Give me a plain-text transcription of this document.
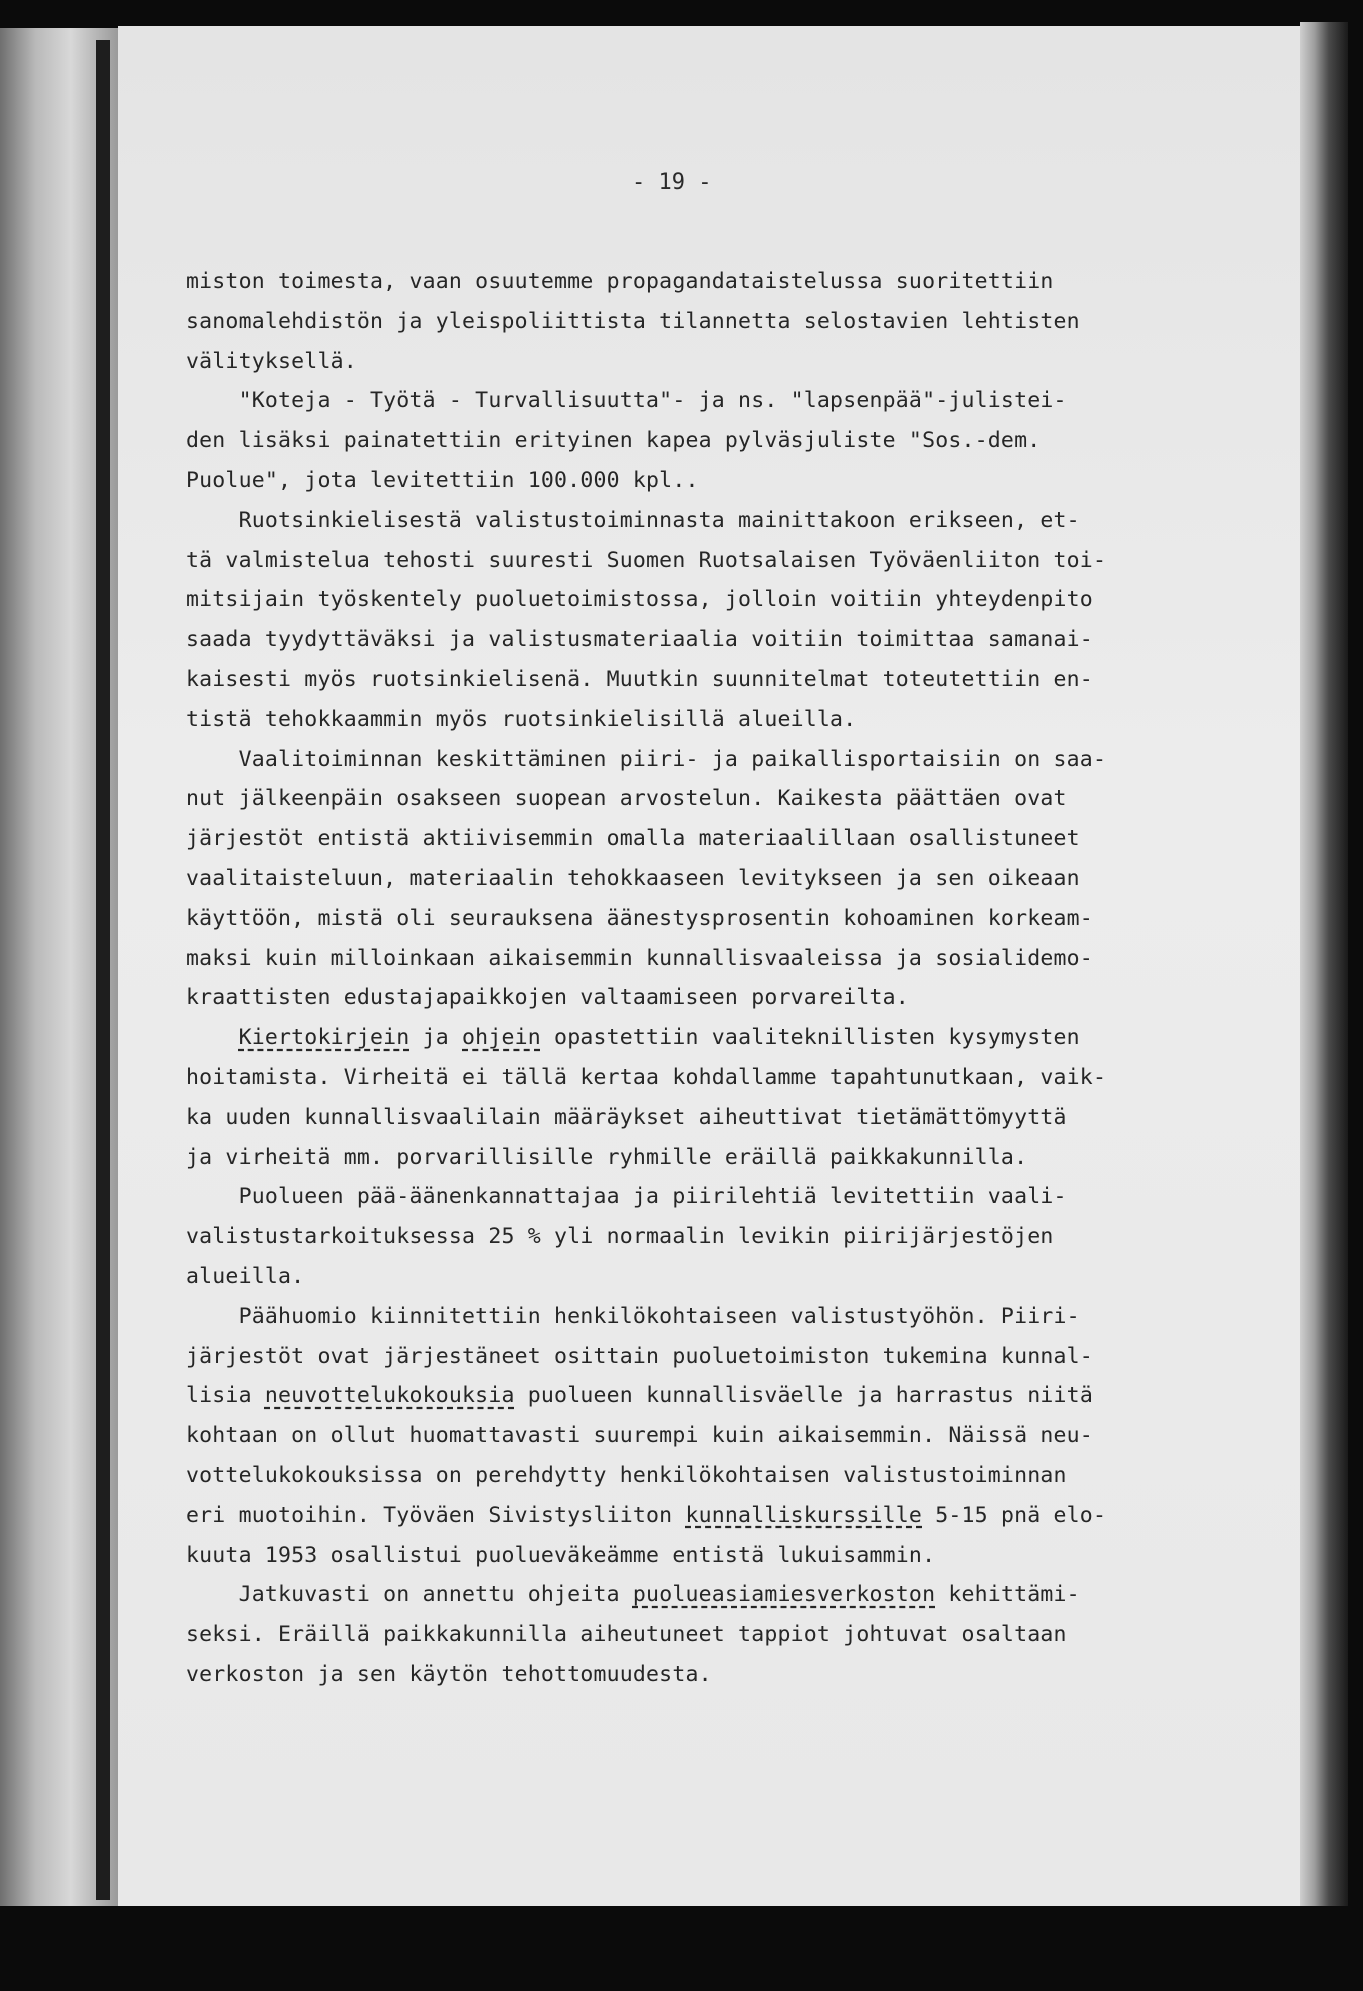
- 19 -
miston toimesta, vaan osuutemme propagandataistelussa suoritettiin
sanomalehdistön ja yleispoliittista tilannetta selostavien lehtisten
välityksellä.
"Koteja - Työtä - Turvallisuutta"- ja ns. "lapsenpää"-julistei-
den lisäksi painatettiin erityinen kapea pylväsjuliste "Sos.-dem.
Puolue", jota levitettiin 100.000 kpl..
Ruotsinkielisestä valistustoiminnasta mainittakoon erikseen, et-
tä valmistelua tehosti suuresti Suomen Ruotsalaisen Työväenliiton toi-
mitsijain työskentely puoluetoimistossa, jolloin voitiin yhteydenpito
saada tyydyttäväksi ja valistusmateriaalia voitiin toimittaa samanai-
kaisesti myös ruotsinkielisenä. Muutkin suunnitelmat toteutettiin en-
tistä tehokkaammin myös ruotsinkielisillä alueilla.
Vaalitoiminnan keskittäminen piiri- ja paikallisportaisiin on saa-
nut jälkeenpäin osakseen suopean arvostelun. Kaikesta päättäen ovat
järjestöt entistä aktiivisemmin omalla materiaalillaan osallistuneet
vaalitaisteluun, materiaalin tehokkaaseen levitykseen ja sen oikeaan
käyttöön, mistä oli seurauksena äänestysprosentin kohoaminen korkeam-
maksi kuin milloinkaan aikaisemmin kunnallisvaaleissa ja sosialidemo-
kraattisten edustajapaikkojen valtaamiseen porvareilta.
Kiertokirjein ja ohjein opastettiin vaaliteknillisten kysymysten
hoitamista. Virheitä ei tällä kertaa kohdallamme tapahtunutkaan, vaik-
ka uuden kunnallisvaalilain määräykset aiheuttivat tietämättömyyttä
ja virheitä mm. porvarillisille ryhmille eräillä paikkakunnilla.
Puolueen pää-äänenkannattajaa ja piirilehtiä levitettiin vaali-
valistustarkoituksessa 25 % yli normaalin levikin piirijärjestöjen
alueilla.
Päähuomio kiinnitettiin henkilökohtaiseen valistustyöhön. Piiri-
järjestöt ovat järjestäneet osittain puoluetoimiston tukemina kunnal-
lisia neuvottelukokouksia puolueen kunnallisväelle ja harrastus niitä
kohtaan on ollut huomattavasti suurempi kuin aikaisemmin. Näissä neu-
vottelukokouksissa on perehdytty henkilökohtaisen valistustoiminnan
eri muotoihin. Työväen Sivistysliiton kunnalliskurssille 5-15 pnä elo-
kuuta 1953 osallistui puolueväkeämme entistä lukuisammin.
Jatkuvasti on annettu ohjeita puolueasiamiesverkoston kehittämi-
seksi. Eräillä paikkakunnilla aiheutuneet tappiot johtuvat osaltaan
verkoston ja sen käytön tehottomuudesta.
